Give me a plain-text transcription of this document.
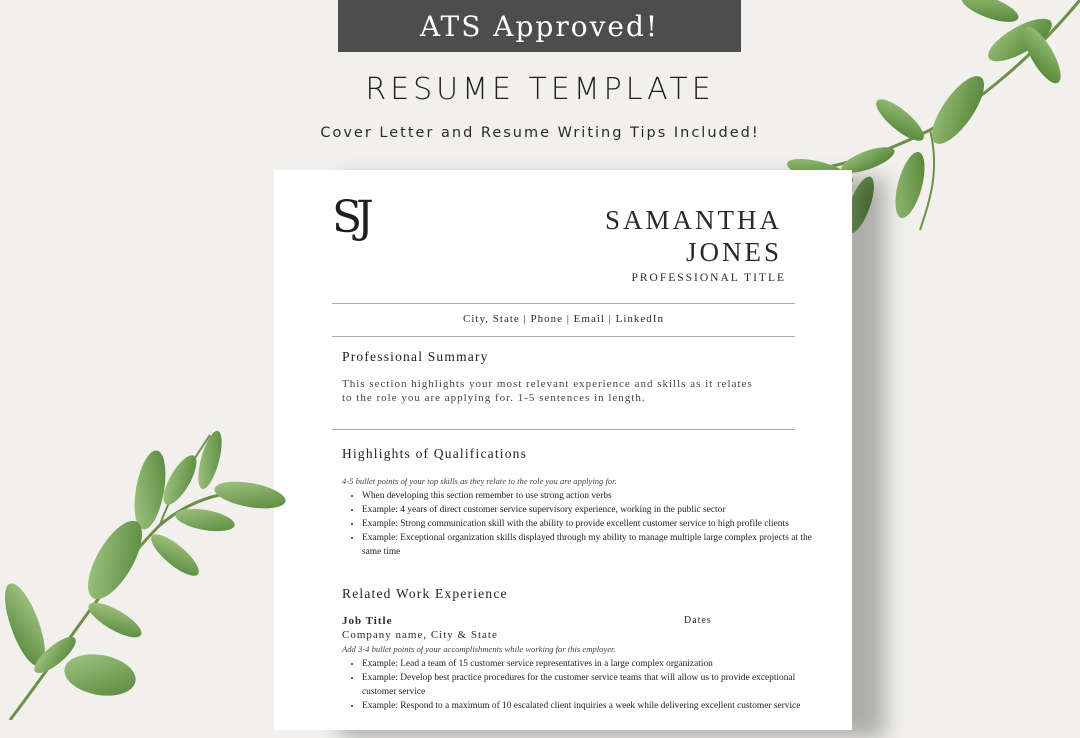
ATS Approved!
RESUME TEMPLATE
Cover Letter and Resume Writing Tips Included!
SJ	SAMANTHA
JONES
PROFESSIONAL TITLE
City, State | Phone | Email | LinkedIn
Professional Summary
This section highlights your most relevant experience and skills as it relates to the role you are applying for. 1-5 sentences in length.
Highlights of Qualifications
4-5 bullet points of your top skills as they relate to the role you are applying for.
• When developing this section remember to use strong action verbs
• Example: 4 years of direct customer service supervisory experience, working in the public sector
• Example: Strong communication skill with the ability to provide excellent customer service to high profile clients
• Example: Exceptional organization skills displayed through my ability to manage multiple large complex projects at the same time
Related Work Experience
Job Title	Dates
Company name, City & State
Add 3-4 bullet points of your accomplishments while working for this employer.
• Example: Lead a team of 15 customer service representatives in a large complex organization
• Example: Develop best practice procedures for the customer service teams that will allow us to provide exceptional customer service
• Example: Respond to a maximum of 10 escalated client inquiries a week while delivering excellent customer service
